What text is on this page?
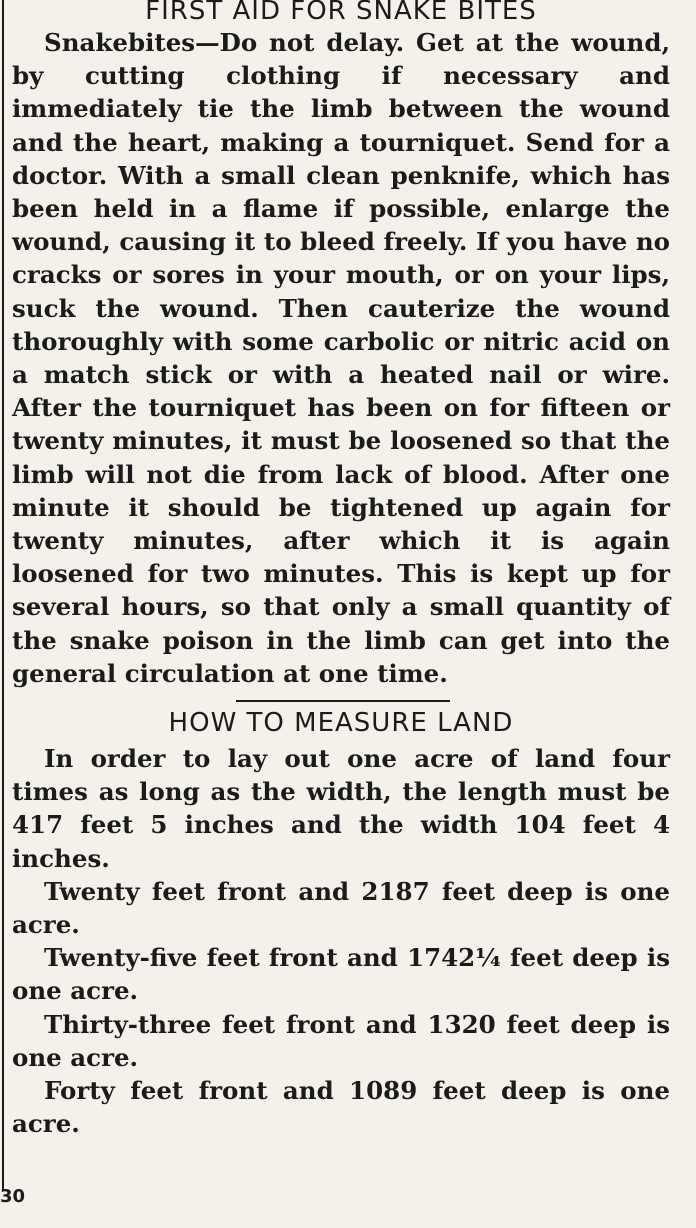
FIRST AID FOR SNAKE BITES

Snakebites—Do not delay. Get at the wound, by cutting clothing if necessary and immediately tie the limb between the wound and the heart, making a tourniquet. Send for a doctor. With a small clean penknife, which has been held in a flame if possible, enlarge the wound, causing it to bleed freely. If you have no cracks or sores in your mouth, or on your lips, suck the wound. Then cauterize the wound thoroughly with some carbolic or nitric acid on a match stick or with a heated nail or wire. After the tourniquet has been on for fifteen or twenty minutes, it must be loosened so that the limb will not die from lack of blood. After one minute it should be tightened up again for twenty minutes, after which it is again loosened for two minutes. This is kept up for several hours, so that only a small quantity of the snake poison in the limb can get into the general circulation at one time.

HOW TO MEASURE LAND

In order to lay out one acre of land four times as long as the width, the length must be 417 feet 5 inches and the width 104 feet 4 inches.

Twenty feet front and 2187 feet deep is one acre.

Twenty-five feet front and 1742¼ feet deep is one acre.

Thirty-three feet front and 1320 feet deep is one acre.

Forty feet front and 1089 feet deep is one acre.

30
